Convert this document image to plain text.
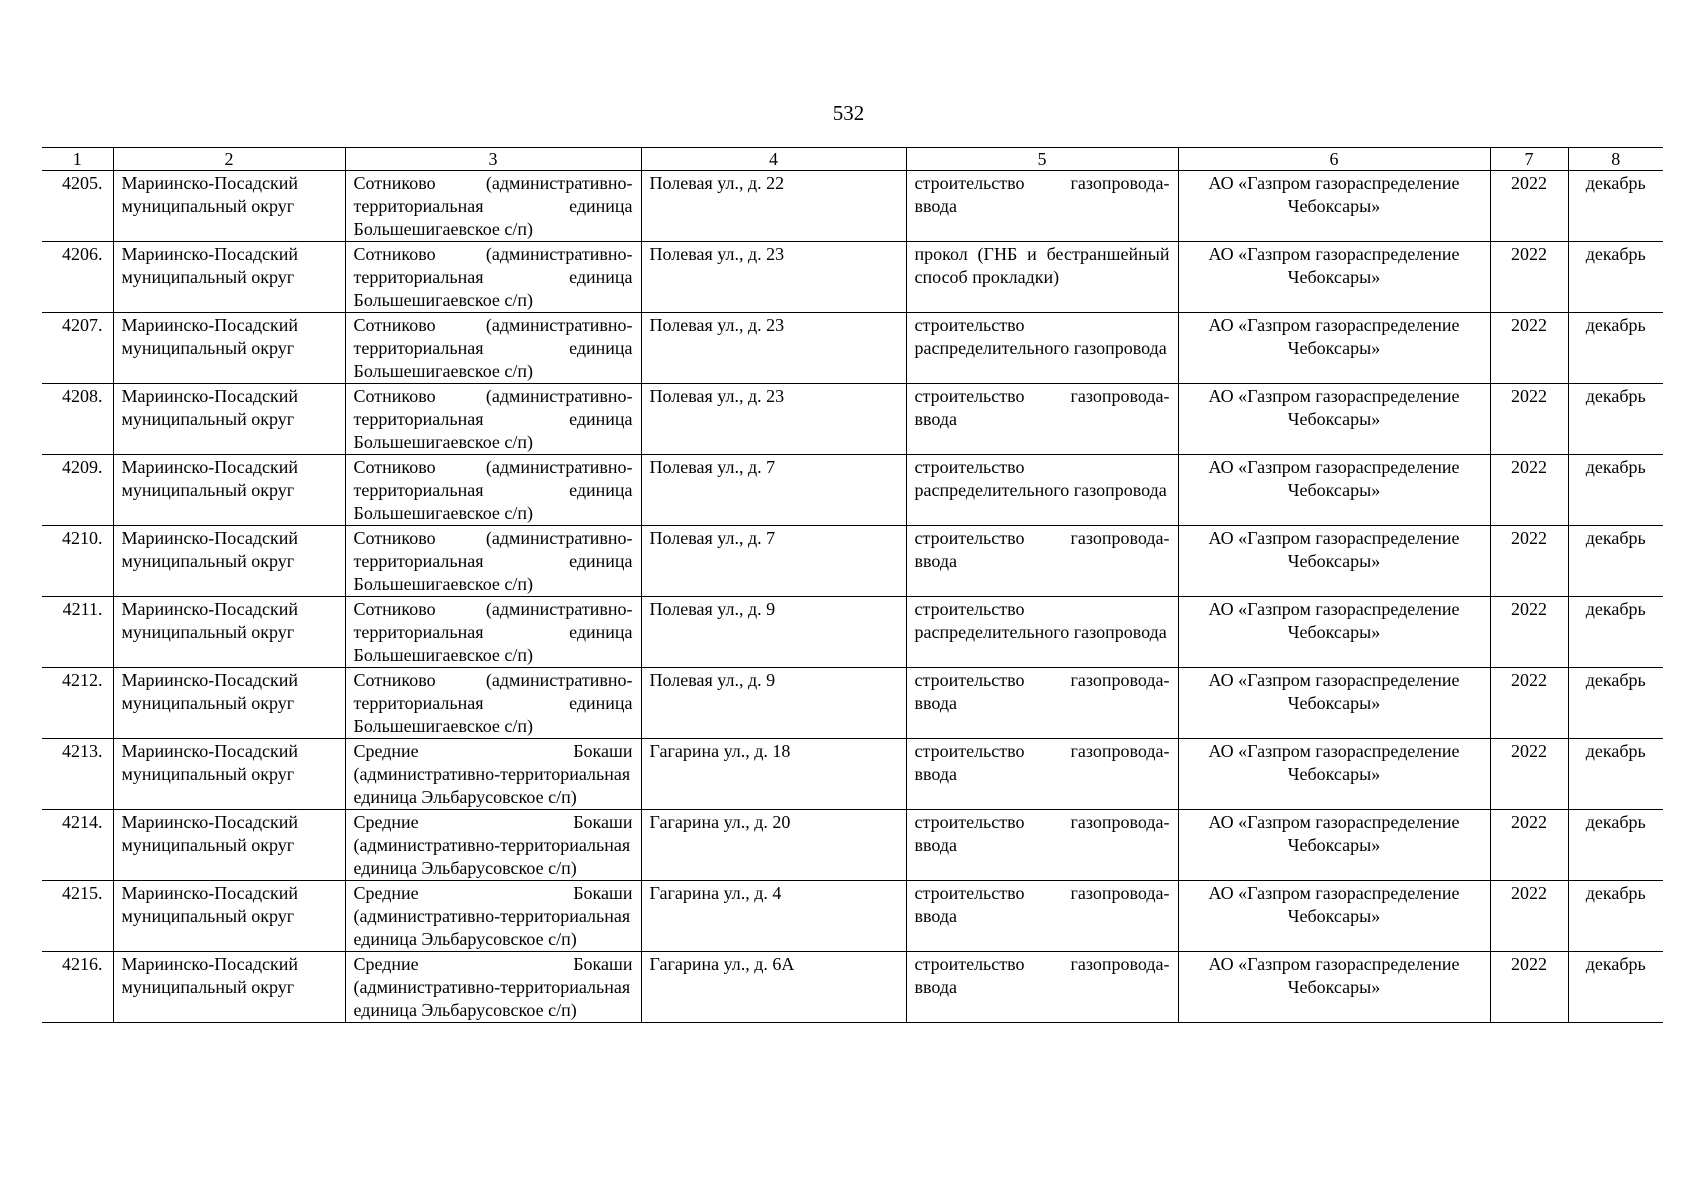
532
1	2	3	4	5	6	7	8
4205.	Мариинско-Посадский муниципальный округ	Сотниково (административно-территориальная единица Большешигаевское с/п)	Полевая ул., д. 22	строительство газопровода-ввода	АО «Газпром газораспределение Чебоксары»	2022	декабрь
4206.	Мариинско-Посадский муниципальный округ	Сотниково (административно-территориальная единица Большешигаевское с/п)	Полевая ул., д. 23	прокол (ГНБ и бестраншейный способ прокладки)	АО «Газпром газораспределение Чебоксары»	2022	декабрь
4207.	Мариинско-Посадский муниципальный округ	Сотниково (административно-территориальная единица Большешигаевское с/п)	Полевая ул., д. 23	строительство распределительного газопровода	АО «Газпром газораспределение Чебоксары»	2022	декабрь
4208.	Мариинско-Посадский муниципальный округ	Сотниково (административно-территориальная единица Большешигаевское с/п)	Полевая ул., д. 23	строительство газопровода-ввода	АО «Газпром газораспределение Чебоксары»	2022	декабрь
4209.	Мариинско-Посадский муниципальный округ	Сотниково (административно-территориальная единица Большешигаевское с/п)	Полевая ул., д. 7	строительство распределительного газопровода	АО «Газпром газораспределение Чебоксары»	2022	декабрь
4210.	Мариинско-Посадский муниципальный округ	Сотниково (административно-территориальная единица Большешигаевское с/п)	Полевая ул., д. 7	строительство газопровода-ввода	АО «Газпром газораспределение Чебоксары»	2022	декабрь
4211.	Мариинско-Посадский муниципальный округ	Сотниково (административно-территориальная единица Большешигаевское с/п)	Полевая ул., д. 9	строительство распределительного газопровода	АО «Газпром газораспределение Чебоксары»	2022	декабрь
4212.	Мариинско-Посадский муниципальный округ	Сотниково (административно-территориальная единица Большешигаевское с/п)	Полевая ул., д. 9	строительство газопровода-ввода	АО «Газпром газораспределение Чебоксары»	2022	декабрь
4213.	Мариинско-Посадский муниципальный округ	Средние Бокаши (административно-территориальная единица Эльбарусовское с/п)	Гагарина ул., д. 18	строительство газопровода-ввода	АО «Газпром газораспределение Чебоксары»	2022	декабрь
4214.	Мариинско-Посадский муниципальный округ	Средние Бокаши (административно-территориальная единица Эльбарусовское с/п)	Гагарина ул., д. 20	строительство газопровода-ввода	АО «Газпром газораспределение Чебоксары»	2022	декабрь
4215.	Мариинско-Посадский муниципальный округ	Средние Бокаши (административно-территориальная единица Эльбарусовское с/п)	Гагарина ул., д. 4	строительство газопровода-ввода	АО «Газпром газораспределение Чебоксары»	2022	декабрь
4216.	Мариинско-Посадский муниципальный округ	Средние Бокаши (административно-территориальная единица Эльбарусовское с/п)	Гагарина ул., д. 6А	строительство газопровода-ввода	АО «Газпром газораспределение Чебоксары»	2022	декабрь
